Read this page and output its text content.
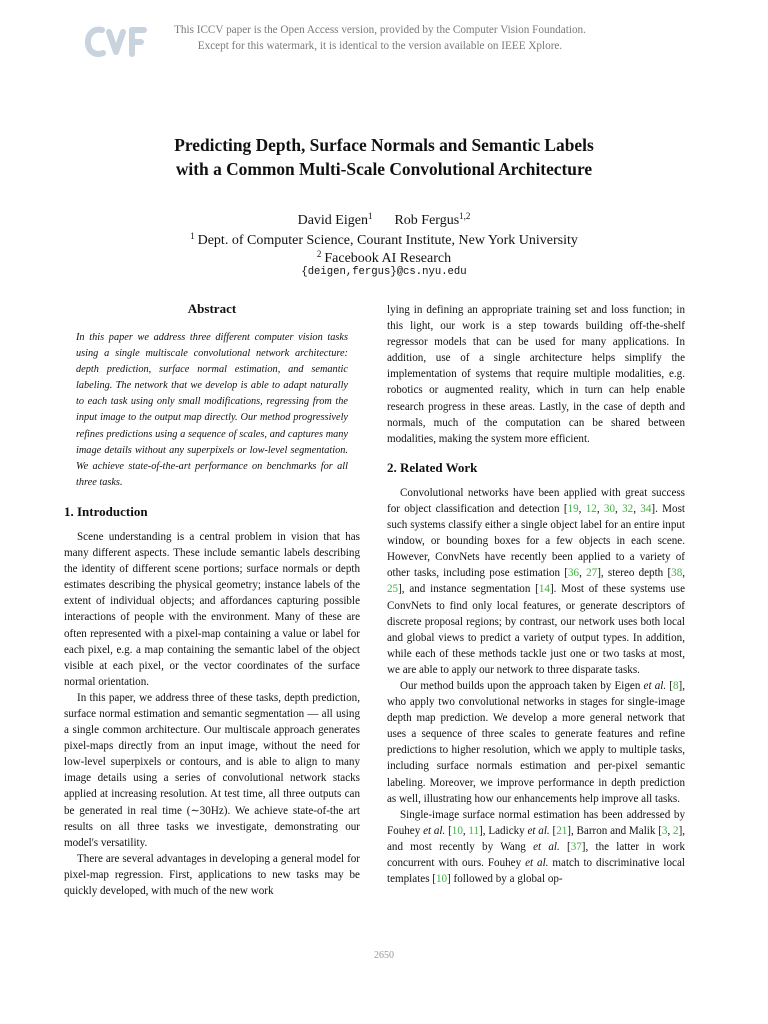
This ICCV paper is the Open Access version, provided by the Computer Vision Foundation.
Except for this watermark, it is identical to the version available on IEEE Xplore.
Predicting Depth, Surface Normals and Semantic Labels
with a Common Multi-Scale Convolutional Architecture
David Eigen$^1$ Rob Fergus$^{1,2}$
$^1$ Dept. of Computer Science, Courant Institute, New York University
$^2$ Facebook AI Research
{deigen,fergus}@cs.nyu.edu
Abstract

In this paper we address three different computer vision tasks using a single multiscale convolutional network architecture: depth prediction, surface normal estimation, and semantic labeling. The network that we develop is able to adapt naturally to each task using only small modifications, regressing from the input image to the output map directly. Our method progressively refines predictions using a sequence of scales, and captures many image details without any superpixels or low-level segmentation. We achieve state-of-the-art performance on benchmarks for all three tasks.

1. Introduction

Scene understanding is a central problem in vision that has many different aspects. These include semantic labels describing the identity of different scene portions; surface normals or depth estimates describing the physical geometry; instance labels of the extent of individual objects; and affordances capturing possible interactions of people with the environment. Many of these are often represented with a pixel-map containing a value or label for each pixel, e.g. a map containing the semantic label of the object visible at each pixel, or the vector coordinates of the surface normal orientation.

In this paper, we address three of these tasks, depth prediction, surface normal estimation and semantic segmentation — all using a single common architecture. Our multiscale approach generates pixel-maps directly from an input image, without the need for low-level superpixels or contours, and is able to align to many image details using a series of convolutional network stacks applied at increasing resolution. At test time, all three outputs can be generated in real time (∼30Hz). We achieve state-of-the art results on all three tasks we investigate, demonstrating our model's versatility.

There are several advantages in developing a general model for pixel-map regression. First, applications to new tasks may be quickly developed, with much of the new work

lying in defining an appropriate training set and loss function; in this light, our work is a step towards building off-the-shelf regressor models that can be used for many applications. In addition, use of a single architecture helps simplify the implementation of systems that require multiple modalities, e.g. robotics or augmented reality, which in turn can help enable research progress in these areas. Lastly, in the case of depth and normals, much of the computation can be shared between modalities, making the system more efficient.

2. Related Work

Convolutional networks have been applied with great success for object classification and detection [19, 12, 30, 32, 34]. Most such systems classify either a single object label for an entire input window, or bounding boxes for a few objects in each scene. However, ConvNets have recently been applied to a variety of other tasks, including pose estimation [36, 27], stereo depth [38, 25], and instance segmentation [14]. Most of these systems use ConvNets to find only local features, or generate descriptors of discrete proposal regions; by contrast, our network uses both local and global views to predict a variety of output types. In addition, while each of these methods tackle just one or two tasks at most, we are able to apply our network to three disparate tasks.

Our method builds upon the approach taken by Eigen et al. [8], who apply two convolutional networks in stages for single-image depth map prediction. We develop a more general network that uses a sequence of three scales to generate features and refine predictions to higher resolution, which we apply to multiple tasks, including surface normals estimation and per-pixel semantic labeling. Moreover, we improve performance in depth prediction as well, illustrating how our enhancements help improve all tasks.

Single-image surface normal estimation has been addressed by Fouhey et al. [10, 11], Ladicky et al. [21], Barron and Malik [3, 2], and most recently by Wang et al. [37], the latter in work concurrent with ours. Fouhey et al. match to discriminative local templates [10] followed by a global op-

2650
